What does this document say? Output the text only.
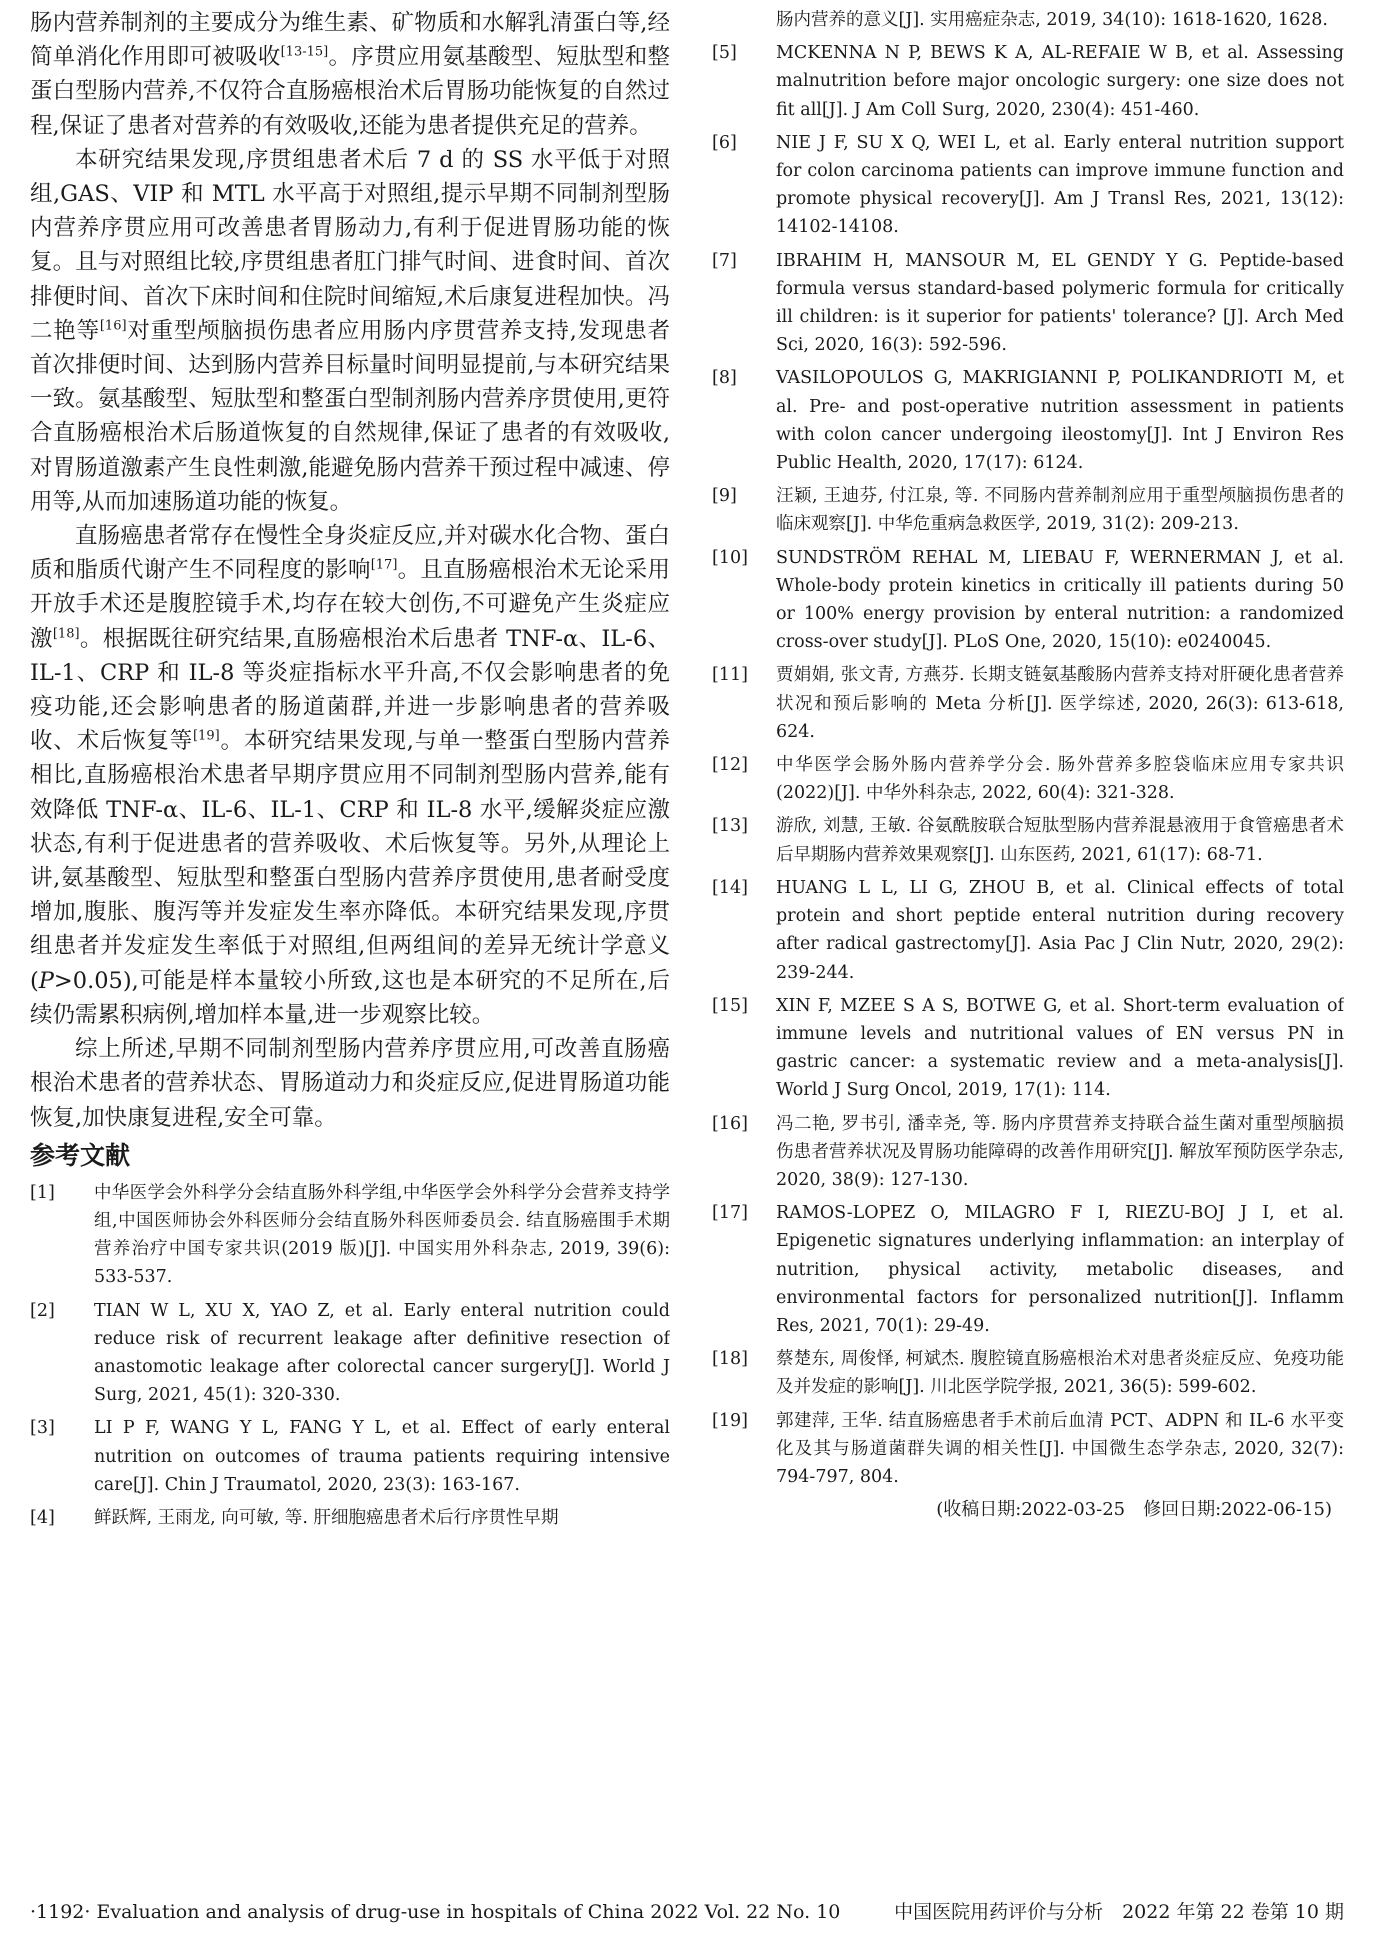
肠内营养制剂的主要成分为维生素、矿物质和水解乳清蛋白等,经简单消化作用即可被吸收[13-15]。序贯应用氨基酸型、短肽型和整蛋白型肠内营养,不仅符合直肠癌根治术后胃肠功能恢复的自然过程,保证了患者对营养的有效吸收,还能为患者提供充足的营养。

本研究结果发现,序贯组患者术后 7 d 的 SS 水平低于对照组,GAS、VIP 和 MTL 水平高于对照组,提示早期不同制剂型肠内营养序贯应用可改善患者胃肠动力,有利于促进胃肠功能的恢复。且与对照组比较,序贯组患者肛门排气时间、进食时间、首次排便时间、首次下床时间和住院时间缩短,术后康复进程加快。冯二艳等[16]对重型颅脑损伤患者应用肠内序贯营养支持,发现患者首次排便时间、达到肠内营养目标量时间明显提前,与本研究结果一致。氨基酸型、短肽型和整蛋白型制剂肠内营养序贯使用,更符合直肠癌根治术后肠道恢复的自然规律,保证了患者的有效吸收,对胃肠道激素产生良性刺激,能避免肠内营养干预过程中减速、停用等,从而加速肠道功能的恢复。

直肠癌患者常存在慢性全身炎症反应,并对碳水化合物、蛋白质和脂质代谢产生不同程度的影响[17]。且直肠癌根治术无论采用开放手术还是腹腔镜手术,均存在较大创伤,不可避免产生炎症应激[18]。根据既往研究结果,直肠癌根治术后患者 TNF-α、IL-6、IL-1、CRP 和 IL-8 等炎症指标水平升高,不仅会影响患者的免疫功能,还会影响患者的肠道菌群,并进一步影响患者的营养吸收、术后恢复等[19]。本研究结果发现,与单一整蛋白型肠内营养相比,直肠癌根治术患者早期序贯应用不同制剂型肠内营养,能有效降低 TNF-α、IL-6、IL-1、CRP 和 IL-8 水平,缓解炎症应激状态,有利于促进患者的营养吸收、术后恢复等。另外,从理论上讲,氨基酸型、短肽型和整蛋白型肠内营养序贯使用,患者耐受度增加,腹胀、腹泻等并发症发生率亦降低。本研究结果发现,序贯组患者并发症发生率低于对照组,但两组间的差异无统计学意义(P>0.05),可能是样本量较小所致,这也是本研究的不足所在,后续仍需累积病例,增加样本量,进一步观察比较。

综上所述,早期不同制剂型肠内营养序贯应用,可改善直肠癌根治术患者的营养状态、胃肠道动力和炎症反应,促进胃肠道功能恢复,加快康复进程,安全可靠。

参考文献
[1]	中华医学会外科学分会结直肠外科学组,中华医学会外科学分会营养支持学组,中国医师协会外科医师分会结直肠外科医师委员会. 结直肠癌围手术期营养治疗中国专家共识(2019 版)[J]. 中国实用外科杂志, 2019, 39(6): 533-537.
[2]	TIAN W L, XU X, YAO Z, et al. Early enteral nutrition could reduce risk of recurrent leakage after definitive resection of anastomotic leakage after colorectal cancer surgery[J]. World J Surg, 2021, 45(1): 320-330.
[3]	LI P F, WANG Y L, FANG Y L, et al. Effect of early enteral nutrition on outcomes of trauma patients requiring intensive care[J]. Chin J Traumatol, 2020, 23(3): 163-167.
[4]	鲜跃辉, 王雨龙, 向可敏, 等. 肝细胞癌患者术后行序贯性早期
肠内营养的意义[J]. 实用癌症杂志, 2019, 34(10): 1618-1620, 1628.
[5]	MCKENNA N P, BEWS K A, AL-REFAIE W B, et al. Assessing malnutrition before major oncologic surgery: one size does not fit all[J]. J Am Coll Surg, 2020, 230(4): 451-460.
[6]	NIE J F, SU X Q, WEI L, et al. Early enteral nutrition support for colon carcinoma patients can improve immune function and promote physical recovery[J]. Am J Transl Res, 2021, 13(12): 14102-14108.
[7]	IBRAHIM H, MANSOUR M, EL GENDY Y G. Peptide-based formula versus standard-based polymeric formula for critically ill children: is it superior for patients' tolerance? [J]. Arch Med Sci, 2020, 16(3): 592-596.
[8]	VASILOPOULOS G, MAKRIGIANNI P, POLIKANDRIOTI M, et al. Pre- and post-operative nutrition assessment in patients with colon cancer undergoing ileostomy[J]. Int J Environ Res Public Health, 2020, 17(17): 6124.
[9]	汪颖, 王迪芬, 付江泉, 等. 不同肠内营养制剂应用于重型颅脑损伤患者的临床观察[J]. 中华危重病急救医学, 2019, 31(2): 209-213.
[10]	SUNDSTRÖM REHAL M, LIEBAU F, WERNERMAN J, et al. Whole-body protein kinetics in critically ill patients during 50 or 100% energy provision by enteral nutrition: a randomized cross-over study[J]. PLoS One, 2020, 15(10): e0240045.
[11]	贾娟娟, 张文青, 方燕芬. 长期支链氨基酸肠内营养支持对肝硬化患者营养状况和预后影响的 Meta 分析[J]. 医学综述, 2020, 26(3): 613-618, 624.
[12]	中华医学会肠外肠内营养学分会. 肠外营养多腔袋临床应用专家共识(2022)[J]. 中华外科杂志, 2022, 60(4): 321-328.
[13]	游欣, 刘慧, 王敏. 谷氨酰胺联合短肽型肠内营养混悬液用于食管癌患者术后早期肠内营养效果观察[J]. 山东医药, 2021, 61(17): 68-71.
[14]	HUANG L L, LI G, ZHOU B, et al. Clinical effects of total protein and short peptide enteral nutrition during recovery after radical gastrectomy[J]. Asia Pac J Clin Nutr, 2020, 29(2): 239-244.
[15]	XIN F, MZEE S A S, BOTWE G, et al. Short-term evaluation of immune levels and nutritional values of EN versus PN in gastric cancer: a systematic review and a meta-analysis[J]. World J Surg Oncol, 2019, 17(1): 114.
[16]	冯二艳, 罗书引, 潘幸尧, 等. 肠内序贯营养支持联合益生菌对重型颅脑损伤患者营养状况及胃肠功能障碍的改善作用研究[J]. 解放军预防医学杂志, 2020, 38(9): 127-130.
[17]	RAMOS-LOPEZ O, MILAGRO F I, RIEZU-BOJ J I, et al. Epigenetic signatures underlying inflammation: an interplay of nutrition, physical activity, metabolic diseases, and environmental factors for personalized nutrition[J]. Inflamm Res, 2021, 70(1): 29-49.
[18]	蔡楚东, 周俊怿, 柯斌杰. 腹腔镜直肠癌根治术对患者炎症反应、免疫功能及并发症的影响[J]. 川北医学院学报, 2021, 36(5): 599-602.
[19]	郭建萍, 王华. 结直肠癌患者手术前后血清 PCT、ADPN 和 IL-6 水平变化及其与肠道菌群失调的相关性[J]. 中国微生态学杂志, 2020, 32(7): 794-797, 804.
(收稿日期:2022-03-25　修回日期:2022-06-15)
·1192· Evaluation and analysis of drug-use in hospitals of China 2022 Vol. 22 No. 10	中国医院用药评价与分析　2022 年第 22 卷第 10 期
